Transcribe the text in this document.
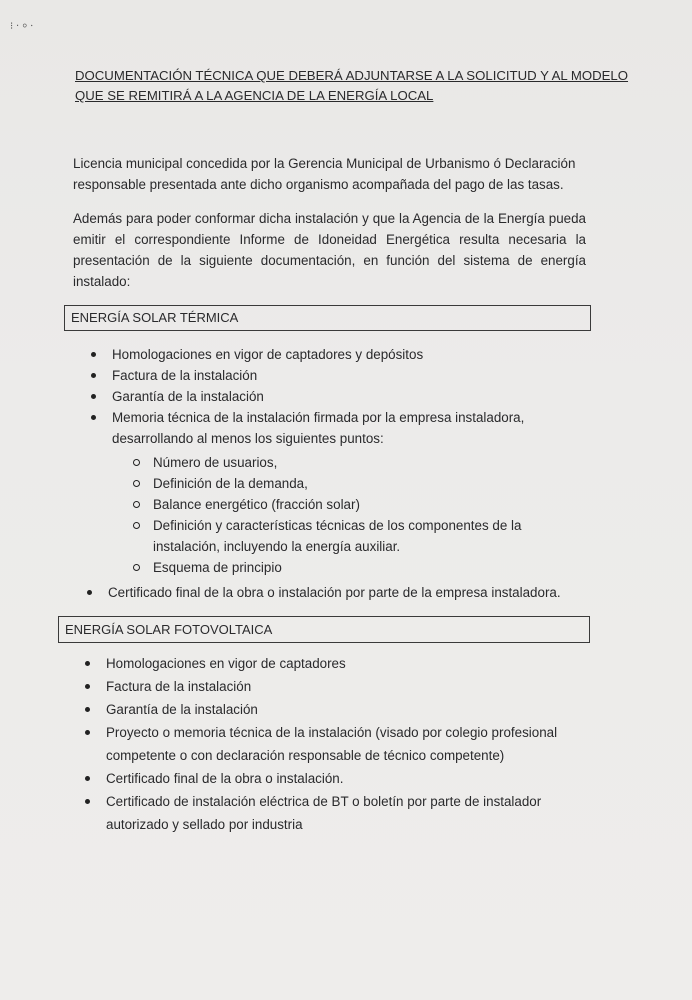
DOCUMENTACIÓN TÉCNICA QUE DEBERÁ ADJUNTARSE A LA SOLICITUD Y AL MODELO
QUE SE REMITIRÁ A LA AGENCIA DE LA ENERGÍA LOCAL
Licencia municipal concedida por la Gerencia Municipal de Urbanismo ó Declaración
responsable presentada ante dicho organismo acompañada del pago de las tasas.
Además para poder conformar dicha instalación y que la Agencia de la Energía pueda
emitir el correspondiente Informe de Idoneidad Energética resulta necesaria la
presentación de la siguiente documentación, en función del sistema de energía
instalado:
ENERGÍA SOLAR TÉRMICA
Homologaciones en vigor de captadores y depósitos
Factura de la instalación
Garantía de la instalación
Memoria técnica de la instalación firmada por la empresa instaladora,
desarrollando al menos los siguientes puntos:
Número de usuarios,
Definición de la demanda,
Balance energético (fracción solar)
Definición y características técnicas de los componentes de la
instalación, incluyendo la energía auxiliar.
Esquema de principio
Certificado final de la obra o instalación por parte de la empresa instaladora.
ENERGÍA SOLAR FOTOVOLTAICA
Homologaciones en vigor de captadores
Factura de la instalación
Garantía de la instalación
Proyecto o memoria técnica de la instalación (visado por colegio profesional
competente o con declaración responsable de técnico competente)
Certificado final de la obra o instalación.
Certificado de instalación eléctrica de BT o boletín por parte de instalador
autorizado y sellado por industria
⁝ ‧ ⸰ ⸱
